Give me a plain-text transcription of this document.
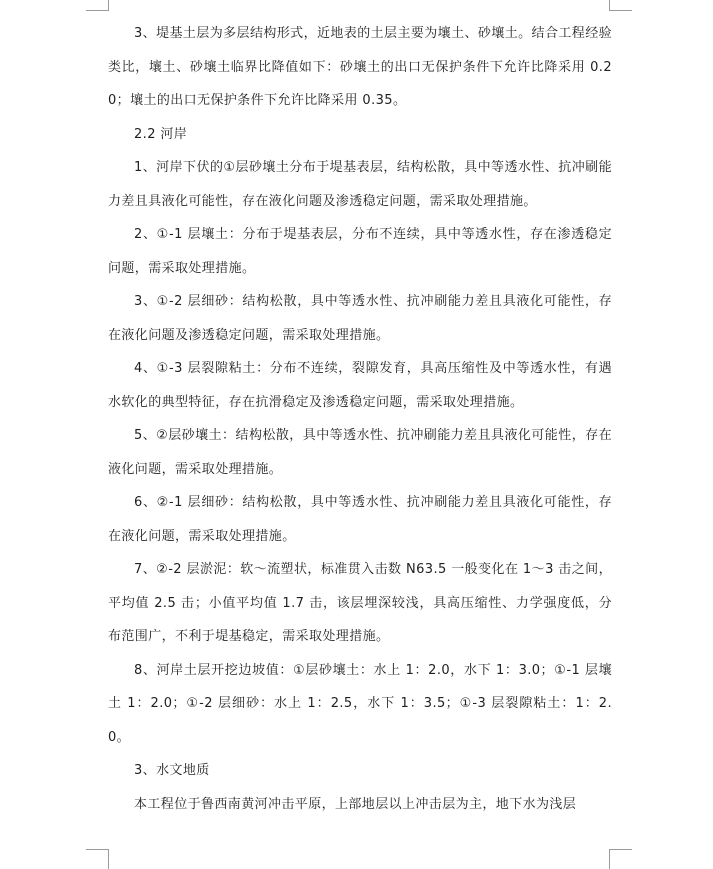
3、堤基土层为多层结构形式，近地表的土层主要为壤土、砂壤土。结合工程经验类比，壤土、砂壤土临界比降值如下：砂壤土的出口无保护条件下允许比降采用 0.20；壤土的出口无保护条件下允许比降采用 0.35。

2.2 河岸

1、河岸下伏的①层砂壤土分布于堤基表层，结构松散，具中等透水性、抗冲刷能力差且具液化可能性，存在液化问题及渗透稳定问题，需采取处理措施。

2、①-1 层壤土：分布于堤基表层，分布不连续，具中等透水性，存在渗透稳定问题，需采取处理措施。

3、①-2 层细砂：结构松散，具中等透水性、抗冲刷能力差且具液化可能性，存在液化问题及渗透稳定问题，需采取处理措施。

4、①-3 层裂隙粘土：分布不连续，裂隙发育，具高压缩性及中等透水性，有遇水软化的典型特征，存在抗滑稳定及渗透稳定问题，需采取处理措施。

5、②层砂壤土：结构松散，具中等透水性、抗冲刷能力差且具液化可能性，存在液化问题，需采取处理措施。

6、②-1 层细砂：结构松散，具中等透水性、抗冲刷能力差且具液化可能性，存在液化问题，需采取处理措施。

7、②-2 层淤泥：软～流塑状，标准贯入击数 N63.5 一般变化在 1～3 击之间，平均值 2.5 击；小值平均值 1.7 击，该层埋深较浅，具高压缩性、力学强度低，分布范围广，不利于堤基稳定，需采取处理措施。

8、河岸土层开挖边坡值：①层砂壤土：水上 1：2.0，水下 1：3.0；①-1 层壤土 1：2.0；①-2 层细砂：水上 1：2.5，水下 1：3.5；①-3 层裂隙粘土：1：2.0。

3、水文地质

本工程位于鲁西南黄河冲击平原，上部地层以上冲击层为主，地下水为浅层
